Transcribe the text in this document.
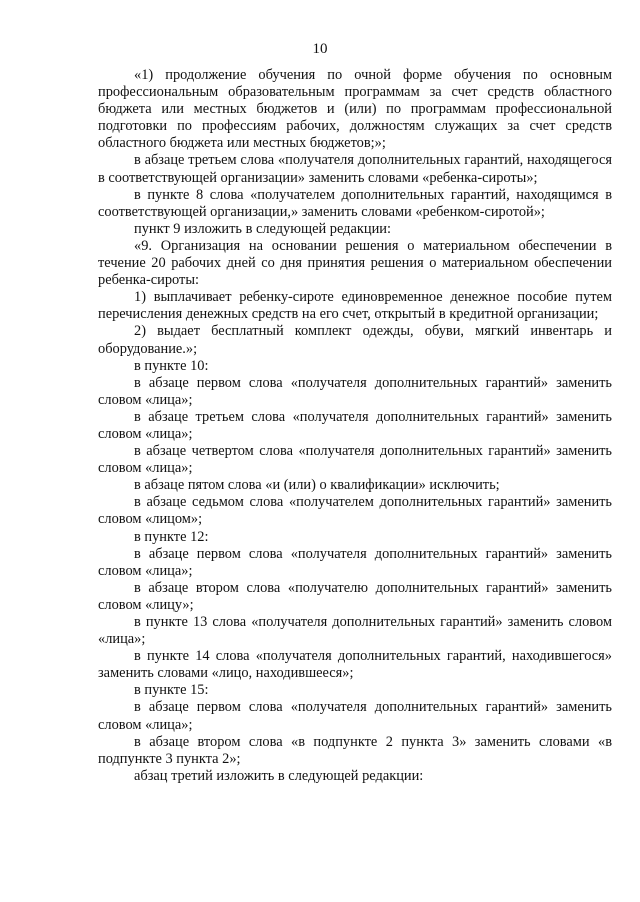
10

«1) продолжение обучения по очной форме обучения по основным профессиональным образовательным программам за счет средств областного бюджета или местных бюджетов и (или) по программам профессиональной подготовки по профессиям рабочих, должностям служащих за счет средств областного бюджета или местных бюджетов;»;

в абзаце третьем слова «получателя дополнительных гарантий, находящегося в соответствующей организации» заменить словами «ребенка-сироты»;

в пункте 8 слова «получателем дополнительных гарантий, находящимся в соответствующей организации,» заменить словами «ребенком-сиротой»;

пункт 9 изложить в следующей редакции:

«9. Организация на основании решения о материальном обеспечении в течение 20 рабочих дней со дня принятия решения о материальном обеспечении ребенка-сироты:

1) выплачивает ребенку-сироте единовременное денежное пособие путем перечисления денежных средств на его счет, открытый в кредитной организации;

2) выдает бесплатный комплект одежды, обуви, мягкий инвентарь и оборудование.»;

в пункте 10:

в абзаце первом слова «получателя дополнительных гарантий» заменить словом «лица»;

в абзаце третьем слова «получателя дополнительных гарантий» заменить словом «лица»;

в абзаце четвертом слова «получателя дополнительных гарантий» заменить словом «лица»;

в абзаце пятом слова «и (или) о квалификации» исключить;

в абзаце седьмом слова «получателем дополнительных гарантий» заменить словом «лицом»;

в пункте 12:

в абзаце первом слова «получателя дополнительных гарантий» заменить словом «лица»;

в абзаце втором слова «получателю дополнительных гарантий» заменить словом «лицу»;

в пункте 13 слова «получателя дополнительных гарантий» заменить словом «лица»;

в пункте 14 слова «получателя дополнительных гарантий, находившегося» заменить словами «лицо, находившееся»;

в пункте 15:

в абзаце первом слова «получателя дополнительных гарантий» заменить словом «лица»;

в абзаце втором слова «в подпункте 2 пункта 3» заменить словами «в подпункте 3 пункта 2»;

абзац третий изложить в следующей редакции:
